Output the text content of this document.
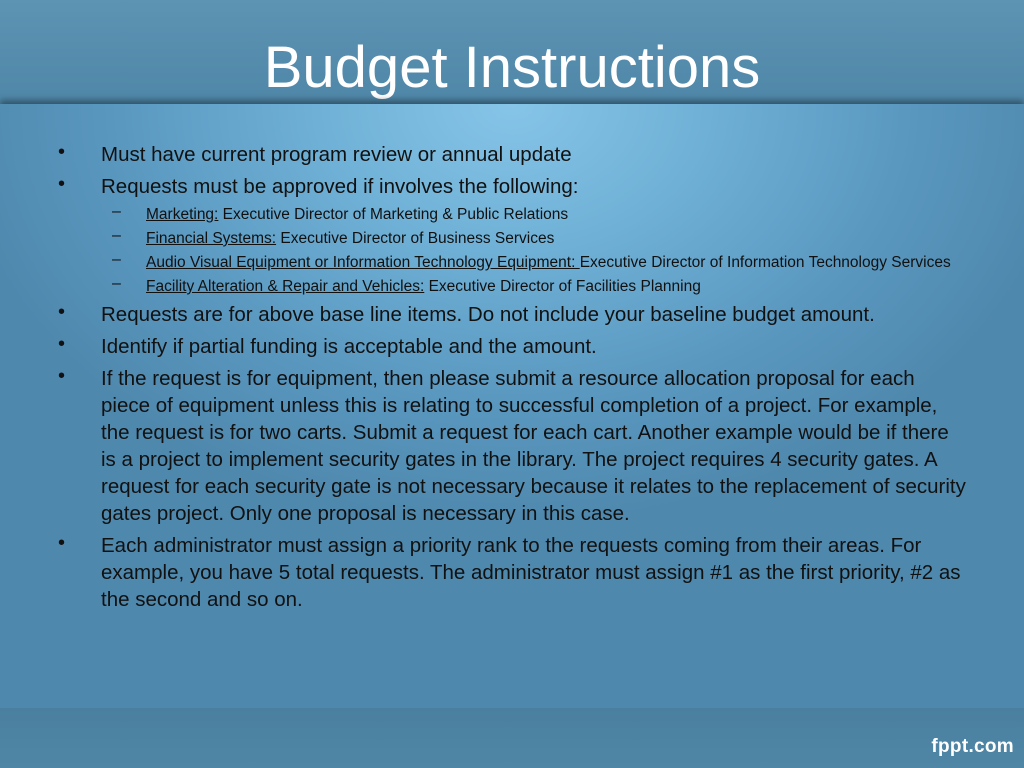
Budget Instructions
• Must have current program review or annual update
• Requests must be approved if involves the following:
– Marketing: Executive Director of Marketing & Public Relations
– Financial Systems: Executive Director of Business Services
– Audio Visual Equipment or Information Technology Equipment: Executive Director of Information Technology Services
– Facility Alteration & Repair and Vehicles: Executive Director of Facilities Planning
• Requests are for above base line items. Do not include your baseline budget amount.
• Identify if partial funding is acceptable and the amount.
• If the request is for equipment, then please submit a resource allocation proposal for each piece of equipment unless this is relating to successful completion of a project. For example, the request is for two carts. Submit a request for each cart. Another example would be if there is a project to implement security gates in the library. The project requires 4 security gates. A request for each security gate is not necessary because it relates to the replacement of security gates project. Only one proposal is necessary in this case.
• Each administrator must assign a priority rank to the requests coming from their areas. For example, you have 5 total requests. The administrator must assign #1 as the first priority, #2 as the second and so on.
fppt.com
